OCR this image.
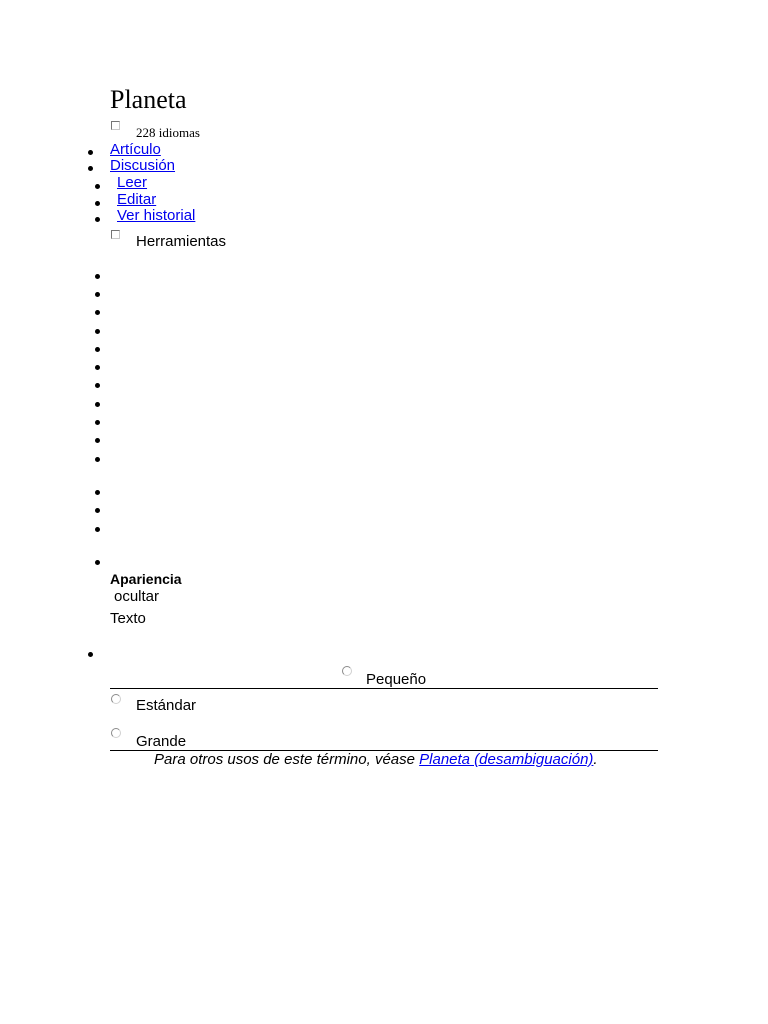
Planeta
228 idiomas
Artículo
Discusión
Leer
Editar
Ver historial
Herramientas
Apariencia
ocultar
Texto
Pequeño
Estándar
Grande
Para otros usos de este término, véase Planeta (desambiguación).
